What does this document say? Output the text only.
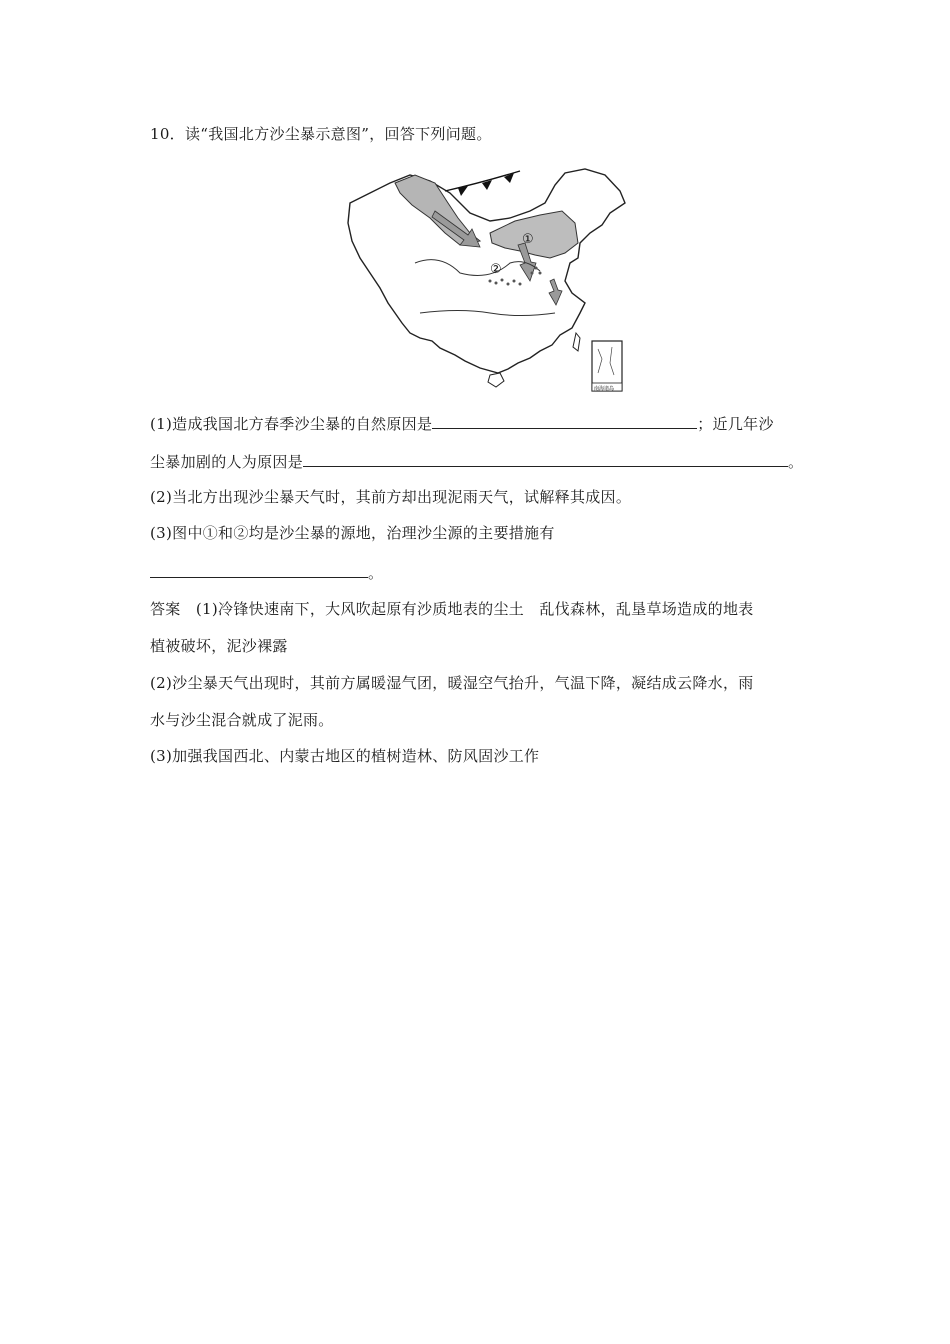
10．读“我国北方沙尘暴示意图”，回答下列问题。
①
②
南海诸岛
(1)造成我国北方春季沙尘暴的自然原因是	；近几年沙
尘暴加剧的人为原因是	。
(2)当北方出现沙尘暴天气时，其前方却出现泥雨天气，试解释其成因。
(3)图中①和②均是沙尘暴的源地，治理沙尘源的主要措施有
。
答案　(1)冷锋快速南下，大风吹起原有沙质地表的尘土　乱伐森林，乱垦草场造成的地表
植被破坏，泥沙裸露
(2)沙尘暴天气出现时，其前方属暖湿气团，暖湿空气抬升，气温下降，凝结成云降水，雨
水与沙尘混合就成了泥雨。
(3)加强我国西北、内蒙古地区的植树造林、防风固沙工作
